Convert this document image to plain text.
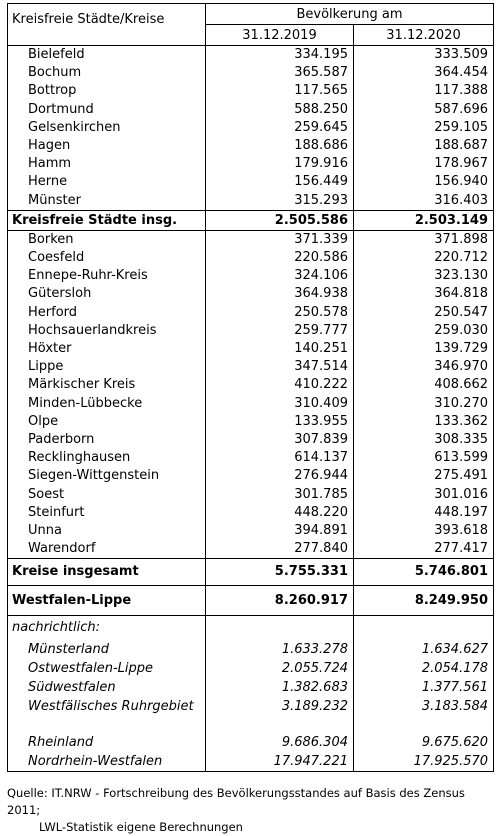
Kreisfreie Städte/Kreise	Bevölkerung am	
	31.12.2019	31.12.2020
Bielefeld	334.195	333.509
Bochum	365.587	364.454
Bottrop	117.565	117.388
Dortmund	588.250	587.696
Gelsenkirchen	259.645	259.105
Hagen	188.686	188.687
Hamm	179.916	178.967
Herne	156.449	156.940
Münster	315.293	316.403
Kreisfreie Städte insg.	2.505.586	2.503.149
Borken	371.339	371.898
Coesfeld	220.586	220.712
Ennepe-Ruhr-Kreis	324.106	323.130
Gütersloh	364.938	364.818
Herford	250.578	250.547
Hochsauerlandkreis	259.777	259.030
Höxter	140.251	139.729
Lippe	347.514	346.970
Märkischer Kreis	410.222	408.662
Minden-Lübbecke	310.409	310.270
Olpe	133.955	133.362
Paderborn	307.839	308.335
Recklinghausen	614.137	613.599
Siegen-Wittgenstein	276.944	275.491
Soest	301.785	301.016
Steinfurt	448.220	448.197
Unna	394.891	393.618
Warendorf	277.840	277.417
Kreise insgesamt	5.755.331	5.746.801
Westfalen-Lippe	8.260.917	8.249.950
nachrichtlich:		
Münsterland	1.633.278	1.634.627
Ostwestfalen-Lippe	2.055.724	2.054.178
Südwestfalen	1.382.683	1.377.561
Westfälisches Ruhrgebiet	3.189.232	3.183.584

Rheinland	9.686.304	9.675.620
Nordrhein-Westfalen	17.947.221	17.925.570
Quelle: IT.NRW - Fortschreibung des Bevölkerungsstandes auf Basis des Zensus 2011;
LWL-Statistik eigene Berechnungen
